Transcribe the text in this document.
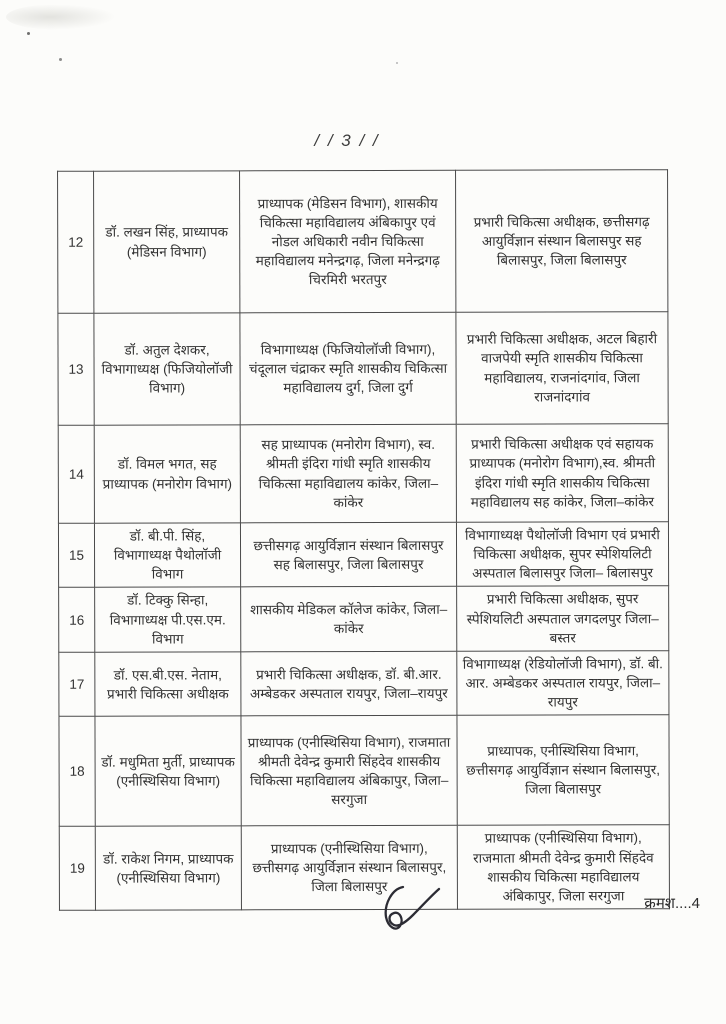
/ / 3 / /
12	डॉ. लखन सिंह, प्राध्यापक (मेडिसन विभाग)	प्राध्यापक (मेडिसन विभाग), शासकीय चिकित्सा महाविद्यालय अंबिकापुर एवं नोडल अधिकारी नवीन चिकित्सा महाविद्यालय मनेन्द्रगढ़, जिला मनेन्द्रगढ़ चिरमिरी भरतपुर	प्रभारी चिकित्सा अधीक्षक, छत्तीसगढ़ आयुर्विज्ञान संस्थान बिलासपुर सह बिलासपुर, जिला बिलासपुर
13	डॉ. अतुल देशकर, विभागाध्यक्ष (फिजियोलॉजी विभाग)	विभागाध्यक्ष (फिजियोलॉजी विभाग), चंदूलाल चंद्राकर स्मृति शासकीय चिकित्सा महाविद्यालय दुर्ग, जिला दुर्ग	प्रभारी चिकित्सा अधीक्षक, अटल बिहारी वाजपेयी स्मृति शासकीय चिकित्सा महाविद्यालय, राजनांदगांव, जिला राजनांदगांव
14	डॉ. विमल भगत, सह प्राध्यापक (मनोरोग विभाग)	सह प्राध्यापक (मनोरोग विभाग), स्व. श्रीमती इंदिरा गांधी स्मृति शासकीय चिकित्सा महाविद्यालय कांकेर, जिला–कांकेर	प्रभारी चिकित्सा अधीक्षक एवं सहायक प्राध्यापक (मनोरोग विभाग),स्व. श्रीमती इंदिरा गांधी स्मृति शासकीय चिकित्सा महाविद्यालय सह कांकेर, जिला–कांकेर
15	डॉ. बी.पी. सिंह, विभागाध्यक्ष पैथोलॉजी विभाग	छत्तीसगढ़ आयुर्विज्ञान संस्थान बिलासपुर सह बिलासपुर, जिला बिलासपुर	विभागाध्यक्ष पैथोलॉजी विभाग एवं प्रभारी चिकित्सा अधीक्षक, सुपर स्पेशियलिटी अस्पताल बिलासपुर जिला– बिलासपुर
16	डॉ. टिक्कु सिन्हा, विभागाध्यक्ष पी.एस.एम. विभाग	शासकीय मेडिकल कॉलेज कांकेर, जिला–कांकेर	प्रभारी चिकित्सा अधीक्षक, सुपर स्पेशियलिटी अस्पताल जगदलपुर जिला– बस्तर
17	डॉ. एस.बी.एस. नेताम, प्रभारी चिकित्सा अधीक्षक	प्रभारी चिकित्सा अधीक्षक, डॉ. बी.आर. अम्बेडकर अस्पताल रायपुर, जिला–रायपुर	विभागाध्यक्ष (रेडियोलॉजी विभाग), डॉ. बी. आर. अम्बेडकर अस्पताल रायपुर, जिला–रायपुर
18	डॉ. मधुमिता मुर्ती, प्राध्यापक (एनीस्थिसिया विभाग)	प्राध्यापक (एनीस्थिसिया विभाग), राजमाता श्रीमती देवेन्द्र कुमारी सिंहदेव शासकीय चिकित्सा महाविद्यालय अंबिकापुर, जिला–सरगुजा	प्राध्यापक, एनीस्थिसिया विभाग, छत्तीसगढ़ आयुर्विज्ञान संस्थान बिलासपुर, जिला बिलासपुर
19	डॉ. राकेश निगम, प्राध्यापक (एनीस्थिसिया विभाग)	प्राध्यापक (एनीस्थिसिया विभाग), छत्तीसगढ़ आयुर्विज्ञान संस्थान बिलासपुर, जिला बिलासपुर	प्राध्यापक (एनीस्थिसिया विभाग), राजमाता श्रीमती देवेन्द्र कुमारी सिंहदेव शासकीय चिकित्सा महाविद्यालय अंबिकापुर, जिला सरगुजा क्रमश....4
